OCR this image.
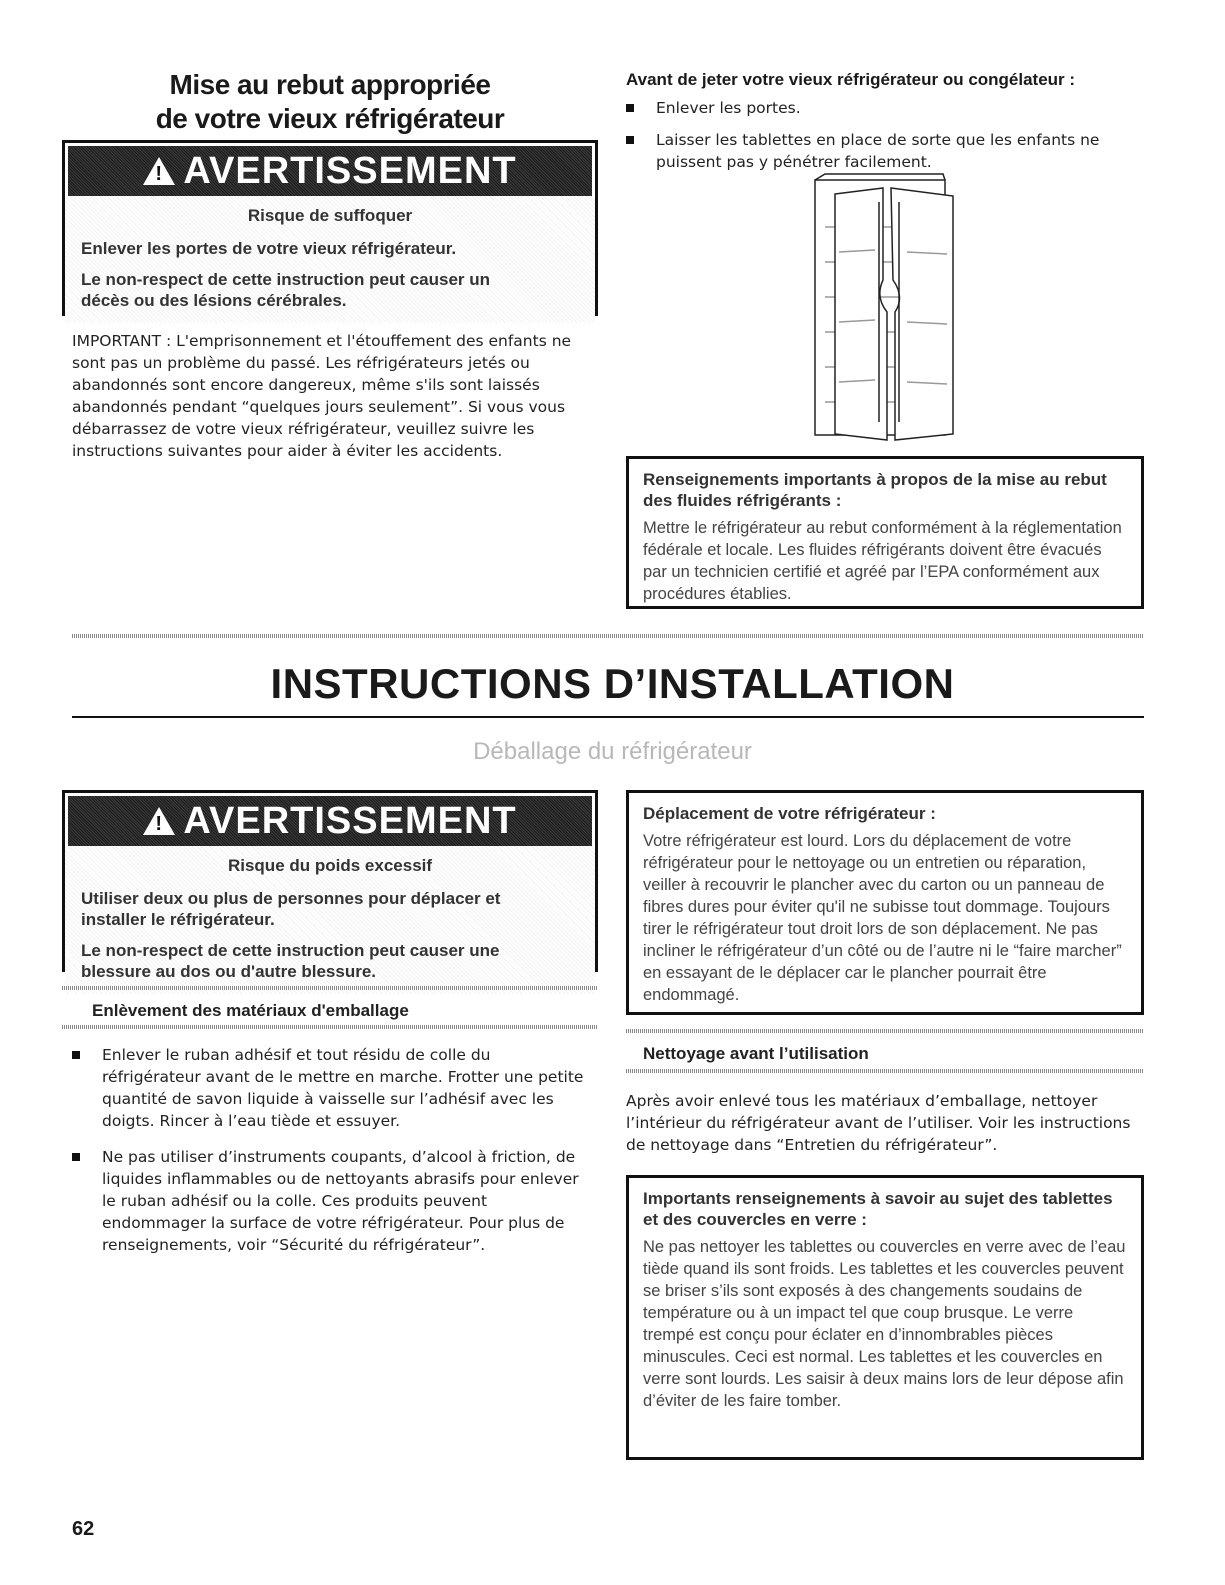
Mise au rebut appropriée
de votre vieux réfrigérateur
!
AVERTISSEMENT
Risque de suffoquer

Enlever les portes de votre vieux réfrigérateur.

Le non-respect de cette instruction peut causer un décès ou des lésions cérébrales.

IMPORTANT : L'emprisonnement et l'étouffement des enfants ne sont pas un problème du passé. Les réfrigérateurs jetés ou abandonnés sont encore dangereux, même s'ils sont laissés abandonnés pendant “quelques jours seulement”. Si vous vous débarrassez de votre vieux réfrigérateur, veuillez suivre les instructions suivantes pour aider à éviter les accidents.
Avant de jeter votre vieux réfrigérateur ou congélateur :
Enlever les portes.
Laisser les tablettes en place de sorte que les enfants ne puissent pas y pénétrer facilement.
Renseignements importants à propos de la mise au rebut des fluides réfrigérants :
Mettre le réfrigérateur au rebut conformément à la réglementation fédérale et locale. Les fluides réfrigérants doivent être évacués par un technicien certifié et agréé par l’EPA conformément aux procédures établies.
INSTRUCTIONS D’INSTALLATION
Déballage du réfrigérateur
!
AVERTISSEMENT
Risque du poids excessif

Utiliser deux ou plus de personnes pour déplacer et installer le réfrigérateur.

Le non-respect de cette instruction peut causer une blessure au dos ou d'autre blessure.

Enlèvement des matériaux d'emballage
Enlever le ruban adhésif et tout résidu de colle du réfrigérateur avant de le mettre en marche. Frotter une petite quantité de savon liquide à vaisselle sur l’adhésif avec les doigts. Rincer à l’eau tiède et essuyer.
Ne pas utiliser d’instruments coupants, d’alcool à friction, de liquides inflammables ou de nettoyants abrasifs pour enlever le ruban adhésif ou la colle. Ces produits peuvent endommager la surface de votre réfrigérateur. Pour plus de renseignements, voir “Sécurité du réfrigérateur”.
Déplacement de votre réfrigérateur :
Votre réfrigérateur est lourd. Lors du déplacement de votre réfrigérateur pour le nettoyage ou un entretien ou réparation, veiller à recouvrir le plancher avec du carton ou un panneau de fibres dures pour éviter qu'il ne subisse tout dommage. Toujours tirer le réfrigérateur tout droit lors de son déplacement. Ne pas incliner le réfrigérateur d’un côté ou de l’autre ni le “faire marcher” en essayant de le déplacer car le plancher pourrait être endommagé.
Nettoyage avant l’utilisation
Après avoir enlevé tous les matériaux d’emballage, nettoyer l’intérieur du réfrigérateur avant de l’utiliser. Voir les instructions de nettoyage dans “Entretien du réfrigérateur”.
Importants renseignements à savoir au sujet des tablettes et des couvercles en verre :
Ne pas nettoyer les tablettes ou couvercles en verre avec de l’eau tiède quand ils sont froids. Les tablettes et les couvercles peuvent se briser s’ils sont exposés à des changements soudains de température ou à un impact tel que coup brusque. Le verre trempé est conçu pour éclater en d’innombrables pièces minuscules. Ceci est normal. Les tablettes et les couvercles en verre sont lourds. Les saisir à deux mains lors de leur dépose afin d’éviter de les faire tomber.
62
